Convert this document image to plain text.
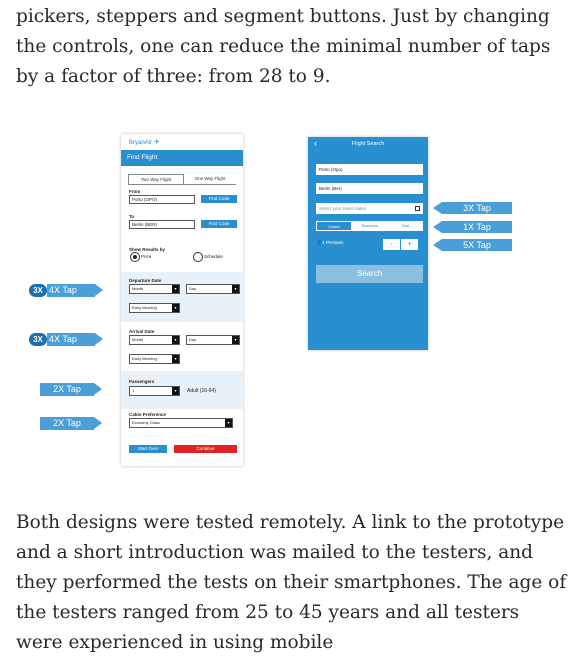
pickers, steppers and segment buttons. Just by changing the controls, one can reduce the minimal number of taps by a factor of three: from 28 to 9.

BryanAir ✈
Find Flight
Two Way Flight	One Way Flight
From
Porto (OPO)	Find Code
To
Berlin (BER)	Find Code
Show Results by
Price	Schedule
Departure Date
Month	▾	Day	▾
Early Morning	▾
Arrival Date
Month	▾	Day	▾
Early Morning	▾
Passengers
1	▾	Adult (16-64)
Cabin Preference
Economy Class	▾
Start Over	Continue
‹	Flight Search
Porto (Opo)
Berlin (Ber)
Select your travel dates
Coach	Business	First
👤1 Persons	-	+
Search
3X 4X Tap
3X 4X Tap
2X Tap
2X Tap
3X Tap
1X Tap
5X Tap

Both designs were tested remotely. A link to the prototype and a short introduction was mailed to the testers, and they performed the tests on their smartphones. The age of the testers ranged from 25 to 45 years and all testers were experienced in using mobile
